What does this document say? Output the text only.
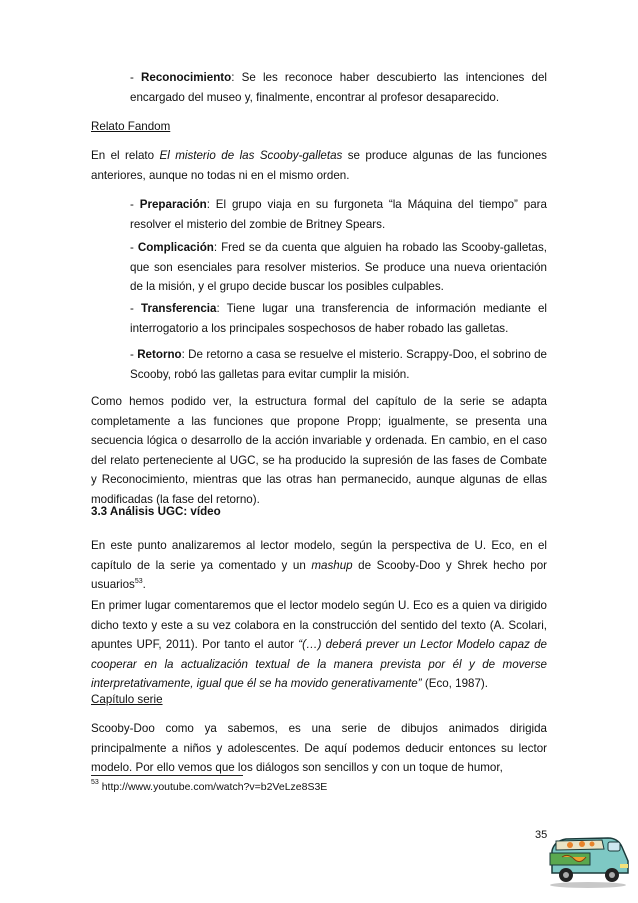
- Reconocimiento: Se les reconoce haber descubierto las intenciones del encargado del museo y, finalmente, encontrar al profesor desaparecido.

Relato Fandom

En el relato El misterio de las Scooby-galletas se produce algunas de las funciones anteriores, aunque no todas ni en el mismo orden.

- Preparación: El grupo viaja en su furgoneta “la Máquina del tiempo” para resolver el misterio del zombie de Britney Spears.

- Complicación: Fred se da cuenta que alguien ha robado las Scooby-galletas, que son esenciales para resolver misterios. Se produce una nueva orientación de la misión, y el grupo decide buscar los posibles culpables.

- Transferencia: Tiene lugar una transferencia de información mediante el interrogatorio a los principales sospechosos de haber robado las galletas.

- Retorno: De retorno a casa se resuelve el misterio. Scrappy-Doo, el sobrino de Scooby, robó las galletas para evitar cumplir la misión.

Como hemos podido ver, la estructura formal del capítulo de la serie se adapta completamente a las funciones que propone Propp; igualmente, se presenta una secuencia lógica o desarrollo de la acción invariable y ordenada. En cambio, en el caso del relato perteneciente al UGC, se ha producido la supresión de las fases de Combate y Reconocimiento, mientras que las otras han permanecido, aunque algunas de ellas modificadas (la fase del retorno).

3.3 Análisis UGC: vídeo

En este punto analizaremos al lector modelo, según la perspectiva de U. Eco, en el capítulo de la serie ya comentado y un mashup de Scooby-Doo y Shrek hecho por usuarios$^{53}$.

En primer lugar comentaremos que el lector modelo según U. Eco es a quien va dirigido dicho texto y este a su vez colabora en la construcción del sentido del texto (A. Scolari, apuntes UPF, 2011). Por tanto el autor “(…) deberá prever un Lector Modelo capaz de cooperar en la actualización textual de la manera prevista por él y de moverse interpretativamente, igual que él se ha movido generativamente” (Eco, 1987).

Capítulo serie

Scooby-Doo como ya sabemos, es una serie de dibujos animados dirigida principalmente a niños y adolescentes. De aquí podemos deducir entonces su lector modelo. Por ello vemos que los diálogos son sencillos y con un toque de humor,

$^{53}$ http://www.youtube.com/watch?v=b2VeLze8S3E
35
